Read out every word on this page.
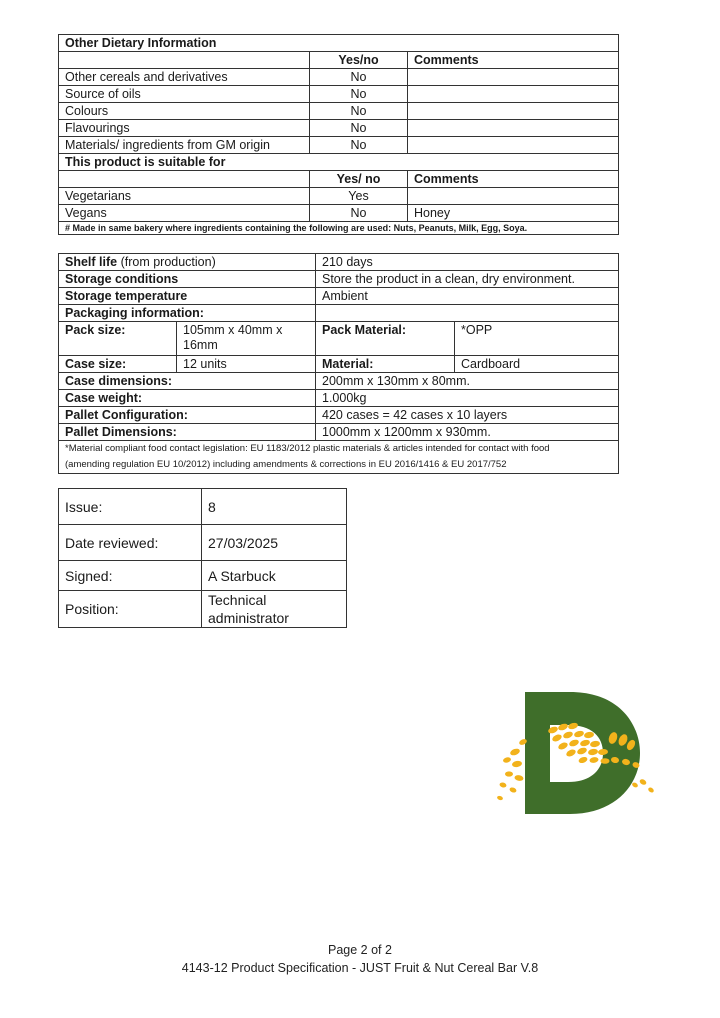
Other Dietary Information		
	Yes/no	Comments
Other cereals and derivatives	No	
Source of oils	No	
Colours	No	
Flavourings	No	
Materials/ ingredients from GM origin	No	
This product is suitable for		
	Yes/ no	Comments
Vegetarians	Yes	
Vegans	No	Honey
# Made in same bakery where ingredients containing the following are used: Nuts, Peanuts, Milk, Egg, Soya.		
Shelf life (from production)		210 days	
Storage conditions		Store the product in a clean, dry environment.	
Storage temperature		Ambient	
Packaging information:			
Pack size:	105mm x 40mm x 16mm	Pack Material:	*OPP
Case size:	12 units	Material:	Cardboard
Case dimensions:		200mm x 130mm x 80mm.	
Case weight:		1.000kg	
Pallet Configuration:		420 cases = 42 cases x 10 layers	
Pallet Dimensions:		1000mm x 1200mm x 930mm.	

*Material compliant food contact legislation: EU 1183/2012 plastic materials & articles intended for contact with food
(amending regulation EU 10/2012) including amendments & corrections in EU 2016/1416 & EU 2017/752			
Issue:	8
Date reviewed:	27/03/2025
Signed:	A Starbuck
Position:	Technical administrator
Page 2 of 2
4143-12 Product Specification - JUST Fruit & Nut Cereal Bar V.8
